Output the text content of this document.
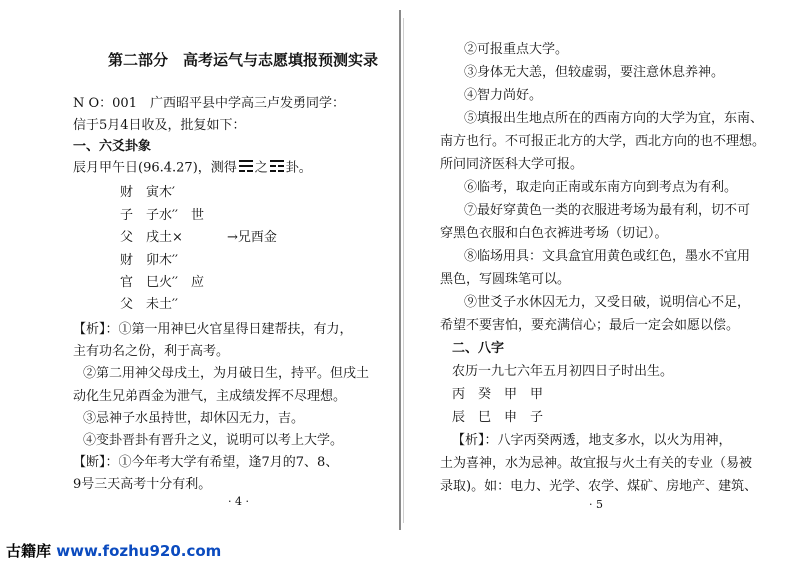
第二部分　高考运气与志愿填报预测实录
N O：001　广西昭平县中学高三卢发勇同学：
信于5月4日收及，批复如下：
一、六爻卦象
辰月甲午日(96.4.27)，测得 之 卦。
财　 寅木′
子　 子水′′　 世
父　 戌土×	→兄酉金
财　 卯木′′
官　 巳火′′　 应
父　 未土′′
【析】：①第一用神巳火官星得日建帮扶，有力，
主有功名之份，利于高考。
②第二用神父母戌土，为月破日生，持平。但戌土
动化生兄弟酉金为泄气，主成绩发挥不尽理想。
③忌神子水虽持世，却休囚无力，吉。
④变卦晋卦有晋升之义，说明可以考上大学。
【断】：①今年考大学有希望，逢7月的7、8、
9号三天高考十分有利。
· 4 ·
②可报重点大学。
③身体无大恙，但较虚弱，要注意休息养神。
④智力尚好。
⑤填报出生地点所在的西南方向的大学为宜，东南、
南方也行。不可报正北方的大学，西北方向的也不理想。
所问同济医科大学可报。
⑥临考，取走向正南或东南方向到考点为有利。
⑦最好穿黄色一类的衣服进考场为最有利，切不可
穿黑色衣服和白色衣裤进考场（切记）。
⑧临场用具：文具盒宜用黄色或红色，墨水不宜用
黑色，写圆珠笔可以。
⑨世爻子水休囚无力，又受日破，说明信心不足，
希望不要害怕，要充满信心；最后一定会如愿以偿。
二、八字
农历一九七六年五月初四日子时出生。
丙　癸　甲　甲
辰　巳　申　子
【析】：八字丙癸两透，地支多水，以火为用神，
土为喜神，水为忌神。故宜报与火土有关的专业（易被
录取)。如：电力、光学、农学、煤矿、房地产、建筑、
· 5
古籍库 www.fozhu920.com
